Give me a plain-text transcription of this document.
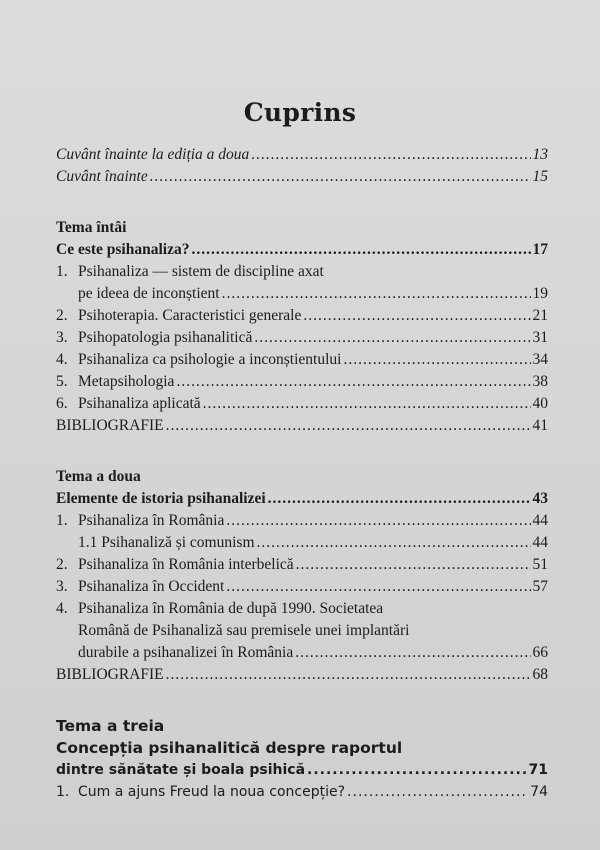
Cuprins
Cuvânt înainte la ediția a doua .....	13
Cuvânt înainte .....	15
Tema întâi
Ce este psihanaliza? .....	17
1. Psihanaliza — sistem de discipline axat
pe ideea de inconștient .....	19
2. Psihoterapia. Caracteristici generale .....	21
3. Psihopatologia psihanalitică .....	31
4. Psihanaliza ca psihologie a inconștientului .....	34
5. Metapsihologia .....	38
6. Psihanaliza aplicată .....	40
BIBLIOGRAFIE .....	41
Tema a doua
Elemente de istoria psihanalizei .....	43
1. Psihanaliza în România .....	44
1.1 Psihanaliză și comunism .....	44
2. Psihanaliza în România interbelică .....	51
3. Psihanaliza în Occident .....	57
4. Psihanaliza în România de după 1990. Societatea
Română de Psihanaliză sau premisele unei implantări
durabile a psihanalizei în România .....	66
BIBLIOGRAFIE .....	68
Tema a treia
Concepția psihanalitică despre raportul
dintre sănătate și boala psihică .....	71
1. Cum a ajuns Freud la noua concepție? .....	74
